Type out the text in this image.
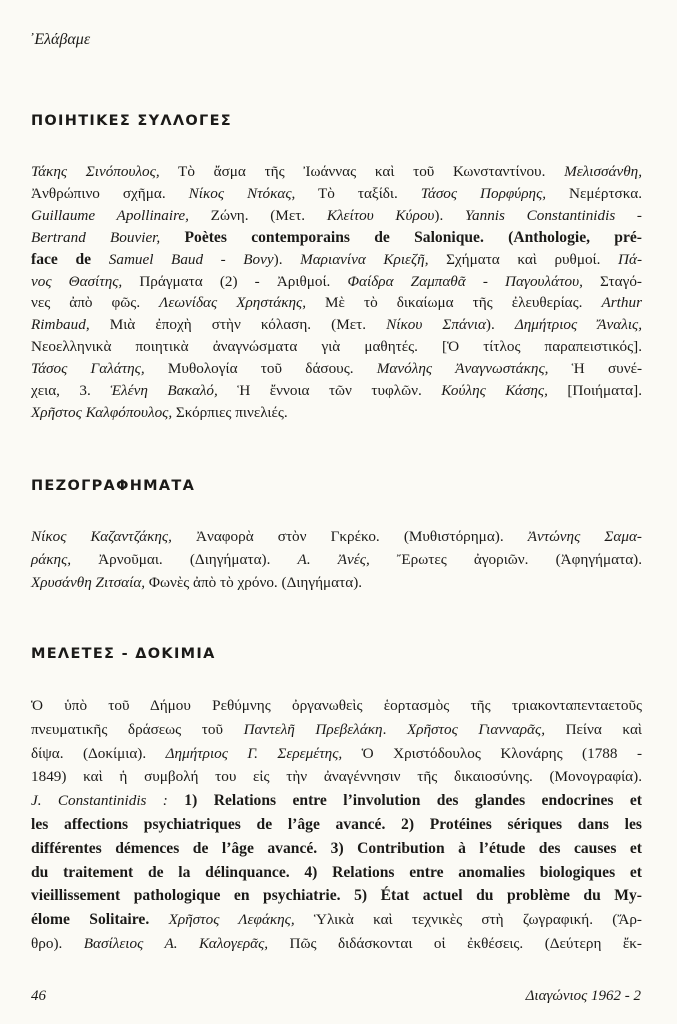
᾿Ελάβαμε
ΠΟΙΗΤΙΚΕΣ ΣΥΛΛΟΓΕΣ
Τάκης Σινόπουλος, Τὸ ἄσμα τῆς Ἰωάννας καὶ τοῦ Κωνσταντίνου. Μελισσάνθη,
Ἀνθρώπινο σχῆμα. Νίκος Ντόκας, Τὸ ταξίδι. Τάσος Πορφύρης, Νεμέρτσκα.
Guillaume Apollinaire, Ζώνη. (Μετ. Κλείτου Κύρου). Yannis Constantinidis -
Bertrand Bouvier, Poètes contemporains de Salonique. (Anthologie, pré-
face de Samuel Baud - Bovy). Μαριανίνα Κριεζῆ, Σχήματα καὶ ρυθμοί. Πά-
νος Θασίτης, Πράγματα (2) - Ἀριθμοί. Φαίδρα Ζαμπαθᾶ - Παγουλάτου, Σταγό-
νες ἀπὸ φῶς. Λεωνίδας Χρηστάκης, Μὲ τὸ δικαίωμα τῆς ἐλευθερίας. Arthur
Rimbaud, Μιὰ ἐποχὴ στὴν κόλαση. (Μετ. Νίκου Σπάνια). Δημήτριος Ἄναλις,
Νεοελληνικὰ ποιητικὰ ἀναγνώσματα γιὰ μαθητές. [Ὁ τίτλος παραπειστικός].
Τάσος Γαλάτης, Μυθολογία τοῦ δάσους. Μανόλης Ἀναγνωστάκης, Ἡ συνέ-
χεια, 3. Ἑλένη Βακαλό, Ἡ ἔννοια τῶν τυφλῶν. Κούλης Κάσης, [Ποιήματα].
Χρῆστος Καλφόπουλος, Σκόρπιες πινελιές.
ΠΕΖΟΓΡΑΦΗΜΑΤΑ
Νίκος Καζαντζάκης, Ἀναφορὰ στὸν Γκρέκο. (Μυθιστόρημα). Ἀντώνης Σαμα-
ράκης, Ἀρνοῦμαι. (Διηγήματα). Α. Ἀνές, Ἔρωτες ἀγοριῶν. (Ἀφηγήματα).
Χρυσάνθη Ζιτσαία, Φωνὲς ἀπὸ τὸ χρόνο. (Διηγήματα).
ΜΕΛΕΤΕΣ - ΔΟΚΙΜΙΑ
Ὁ ὑπὸ τοῦ Δήμου Ρεθύμνης ὀργανωθεὶς ἑορτασμὸς τῆς τριακονταπενταετοῦς
πνευματικῆς δράσεως τοῦ Παντελῆ Πρεβελάκη. Χρῆστος Γιανναρᾶς, Πείνα καὶ
δίψα. (Δοκίμια). Δημήτριος Γ. Σερεμέτης, Ὁ Χριστόδουλος Κλονάρης (1788 -
1849) καὶ ἡ συμβολή του εἰς τὴν ἀναγέννησιν τῆς δικαιοσύνης. (Μονογραφία).
J. Constantinidis : 1) Relations entre l’involution des glandes endocrines et
les affections psychiatriques de l’âge avancé. 2) Protéines sériques dans les
différentes démences de l’âge avancé. 3) Contribution à l’étude des causes et
du traitement de la délinquance. 4) Relations entre anomalies biologiques et
vieillissement pathologique en psychiatrie. 5) État actuel du problème du My-
élome Solitaire. Χρῆστος Λεφάκης, Ὑλικὰ καὶ τεχνικὲς στὴ ζωγραφική. (Ἄρ-
θρο). Βασίλειος Α. Καλογερᾶς, Πῶς διδάσκονται οἱ ἐκθέσεις. (Δεύτερη ἔκ-
46	Διαγώνιος 1962 - 2
